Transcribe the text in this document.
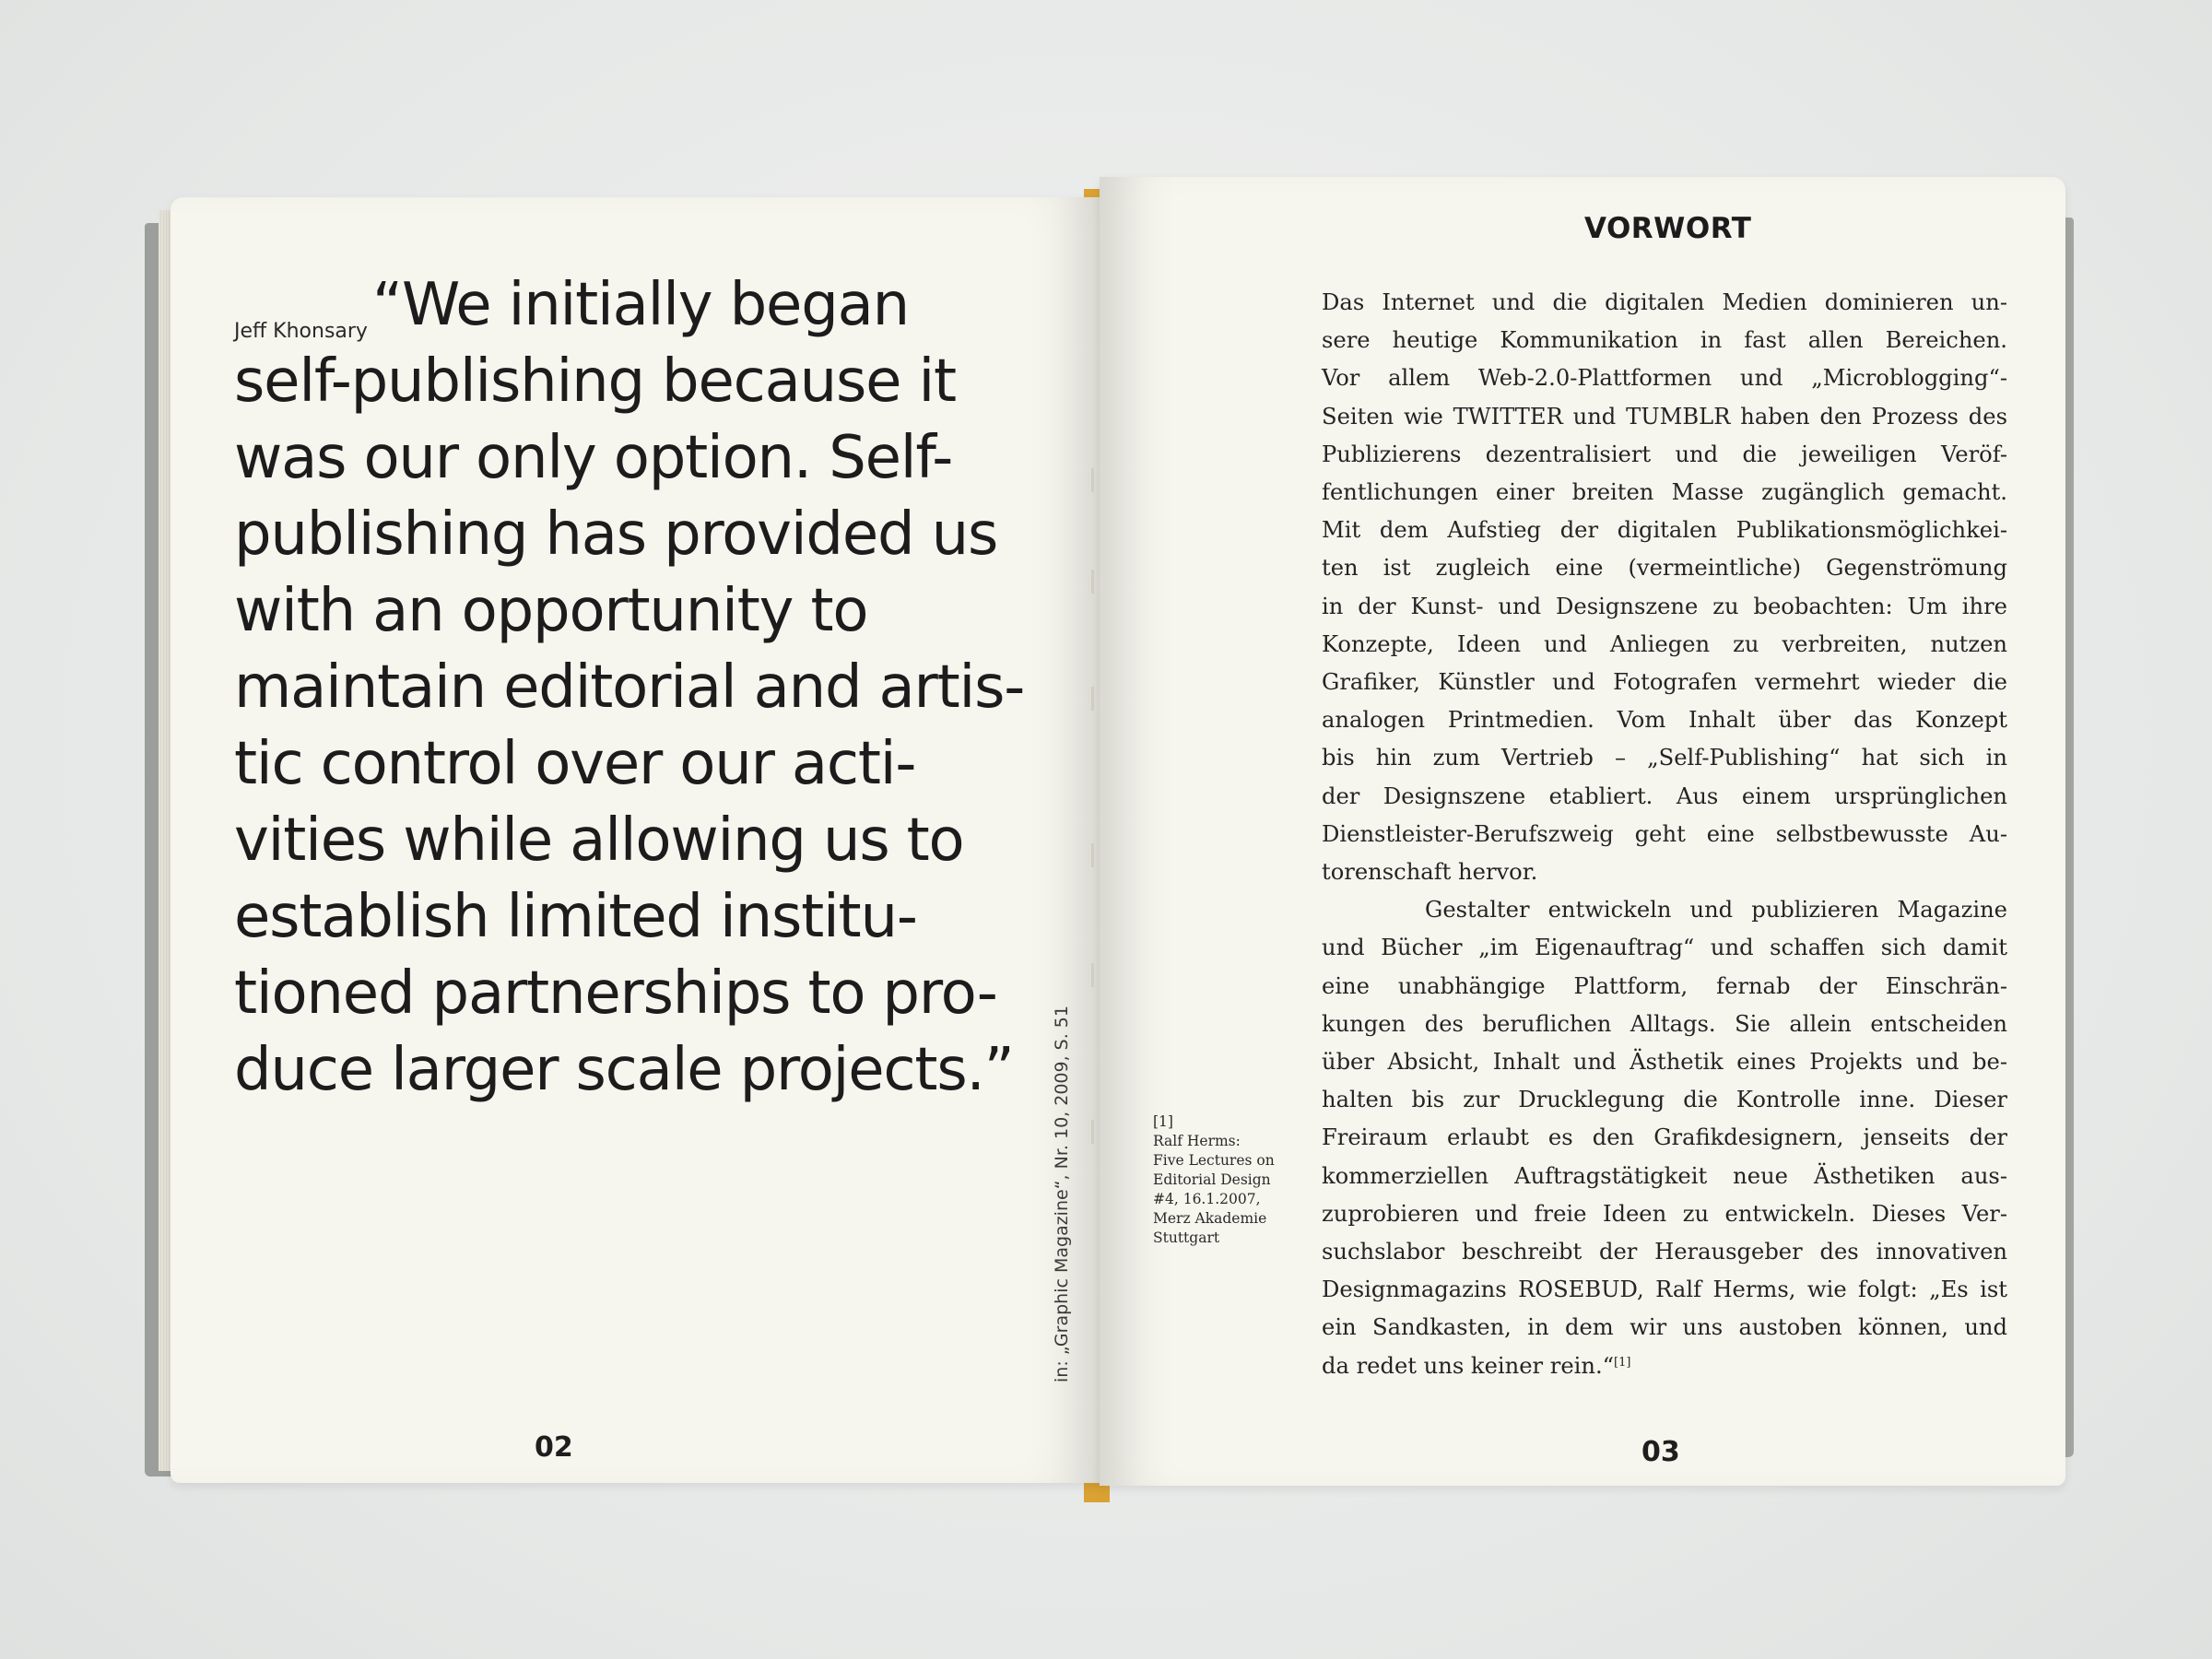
Jeff Khonsary “We initially began
self-publishing because it
was our only option. Self-
publishing has provided us
with an opportunity to
maintain editorial and artis-
tic control over our acti-
vities while allowing us to
establish limited institu-
tioned partnerships to pro-
duce larger scale projects.”	in: „Graphic Magazine“, Nr. 10, 2009, S. 51
02
VORWORT
Das Internet und die digitalen Medien dominieren un-
sere heutige Kommunikation in fast allen Bereichen.
Vor allem Web-2.0-Plattformen und „Microblogging“-
Seiten wie TWITTER und TUMBLR haben den Prozess des
Publizierens dezentralisiert und die jeweiligen Veröf-
fentlichungen einer breiten Masse zugänglich gemacht.
Mit dem Aufstieg der digitalen Publikationsmöglichkei-
ten ist zugleich eine (vermeintliche) Gegenströmung
in der Kunst- und Designszene zu beobachten: Um ihre
Konzepte, Ideen und Anliegen zu verbreiten, nutzen
Grafiker, Künstler und Fotografen vermehrt wieder die
analogen Printmedien. Vom Inhalt über das Konzept
bis hin zum Vertrieb – „Self-Publishing“ hat sich in
der Designszene etabliert. Aus einem ursprünglichen
Dienstleister-Berufszweig geht eine selbstbewusste Au-
torenschaft hervor.
Gestalter entwickeln und publizieren Magazine
und Bücher „im Eigenauftrag“ und schaffen sich damit
eine unabhängige Plattform, fernab der Einschrän-
kungen des beruflichen Alltags. Sie allein entscheiden
über Absicht, Inhalt und Ästhetik eines Projekts und be-
halten bis zur Drucklegung die Kontrolle inne. Dieser
Freiraum erlaubt es den Grafikdesignern, jenseits der
kommerziellen Auftragstätigkeit neue Ästhetiken aus-
zuprobieren und freie Ideen zu entwickeln. Dieses Ver-
suchslabor beschreibt der Herausgeber des innovativen
Designmagazins ROSEBUD, Ralf Herms, wie folgt: „Es ist
ein Sandkasten, in dem wir uns austoben können, und
da redet uns keiner rein.“[1]
[1]
Ralf Herms:
Five Lectures on
Editorial Design
#4, 16.1.2007,
Merz Akademie
Stuttgart
03
